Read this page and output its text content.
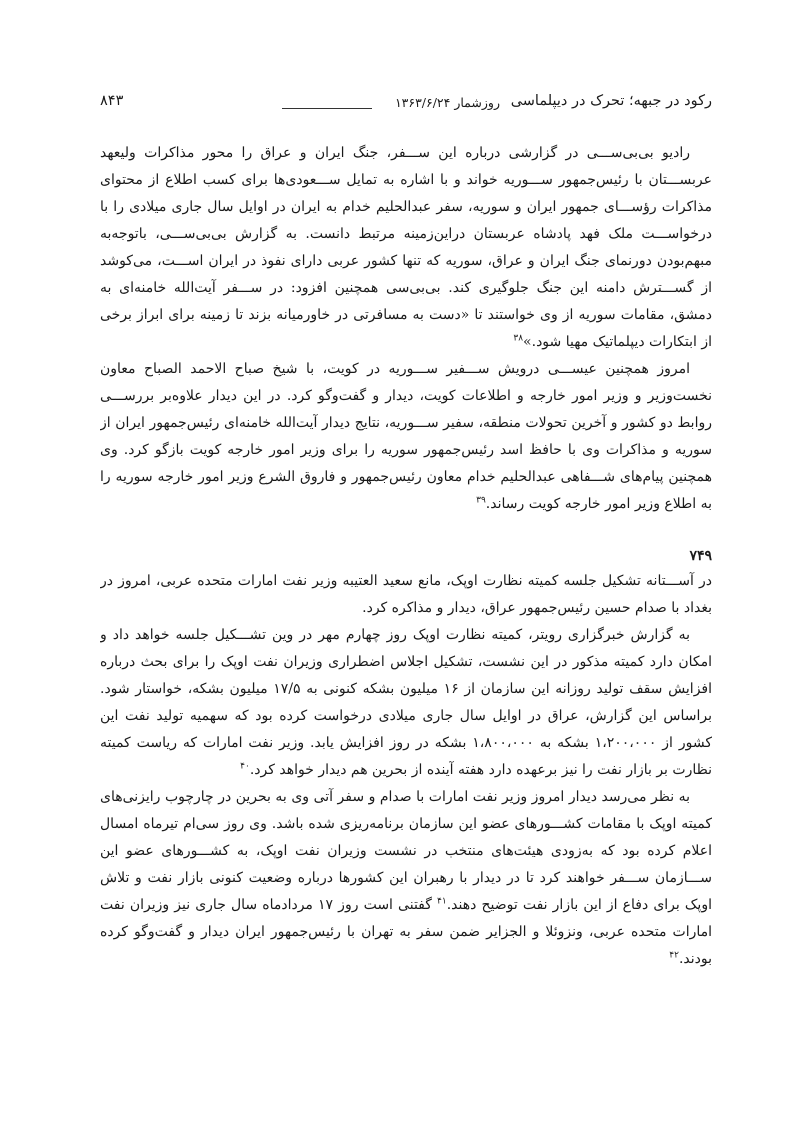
رکود در جبهه؛ تحرک در دیپلماسی
روزشمار ۱۳۶۳/۶/۲۴
۸۴۳

رادیو بی‌بی‌ســـی در گزارشی درباره این ســـفر، جنگ ایران و عراق را محور مذاکرات ولیعهد عربســـتان با رئیس‌جمهور ســـوریه خواند و با اشاره به تمایل ســـعودی‌ها برای کسب اطلاع از محتوای مذاکرات رؤســـای جمهور ایران و سوریه، سفر عبدالحلیم خدام به ایران در اوایل سال جاری میلادی را با درخواســـت ملک فهد پادشاه عربستان دراین‌زمینه مرتبط دانست. به گزارش بی‌بی‌ســـی، باتوجه‌به مبهم‌بودن دورنمای جنگ ایران و عراق، سوریه که تنها کشور عربی دارای نفوذ در ایران اســـت، می‌کوشد از گســـترش دامنه این جنگ جلوگیری کند. بی‌بی‌سی همچنین افزود: در ســـفر آیت‌الله خامنه‌ای به دمشق، مقامات سوریه از وی خواستند تا «دست به مسافرتی در خاورمیانه بزند تا زمینه برای ابراز برخی از ابتکارات دیپلماتیک مهیا شود.»$^{۳۸}$

امروز همچنین عیســـی درویش ســـفیر ســـوریه در کویت، با شیخ صباح الاحمد الصباح معاون نخست‌وزیر و وزیر امور خارجه و اطلاعات کویت، دیدار و گفت‌وگو کرد. در این دیدار علاوه‌بر بررســـی روابط دو کشور و آخرین تحولات منطقه، سفیر ســـوریه، نتایج دیدار آیت‌الله خامنه‌ای رئیس‌جمهور ایران از سوریه و مذاکرات وی با حافظ اسد رئیس‌جمهور سوریه را برای وزیر امور خارجه کویت بازگو کرد. وی همچنین پیام‌های شـــفاهی عبدالحلیم خدام معاون رئیس‌جمهور و فاروق الشرع وزیر امور خارجه سوریه را به اطلاع وزیر امور خارجه کویت رساند.$^{۳۹}$

۷۴۹

در آســـتانه تشکیل جلسه کمیته نظارت اوپک، مانع سعید العتیبه وزیر نفت امارات متحده عربی، امروز در بغداد با صدام حسین رئیس‌جمهور عراق، دیدار و مذاکره کرد.

به گزارش خبرگزاری رویتر، کمیته نظارت اوپک روز چهارم مهر در وین تشـــکیل جلسه خواهد داد و امکان دارد کمیته مذکور در این نشست، تشکیل اجلاس اضطراری وزیران نفت اوپک را برای بحث درباره افزایش سقف تولید روزانه این سازمان از ۱۶ میلیون بشکه کنونی به ۱۷/۵ میلیون بشکه، خواستار شود. براساس این گزارش، عراق در اوایل سال جاری میلادی درخواست کرده بود که سهمیه تولید نفت این کشور از ۱،۲۰۰،۰۰۰ بشکه به ۱،۸۰۰،۰۰۰ بشکه در روز افزایش یابد. وزیر نفت امارات که ریاست کمیته نظارت بر بازار نفت را نیز برعهده دارد هفته آینده از بحرین هم دیدار خواهد کرد.$^{۴۰}$

به نظر می‌رسد دیدار امروز وزیر نفت امارات با صدام و سفر آتی وی به بحرین در چارچوب رایزنی‌های کمیته اوپک با مقامات کشـــورهای عضو این سازمان برنامه‌ریزی شده باشد. وی روز سی‌ام تیرماه امسال اعلام کرده بود که به‌زودی هیئت‌های منتخب در نشست وزیران نفت اوپک، به کشـــورهای عضو این ســـازمان ســـفر خواهند کرد تا در دیدار با رهبران این کشورها درباره وضعیت کنونی بازار نفت و تلاش اوپک برای دفاع از این بازار نفت توضیح دهند.$^{۴۱}$ گفتنی است روز ۱۷ مردادماه سال جاری نیز وزیران نفت امارات متحده عربی، ونزوئلا و الجزایر ضمن سفر به تهران با رئیس‌جمهور ایران دیدار و گفت‌وگو کرده بودند.$^{۴۲}$
